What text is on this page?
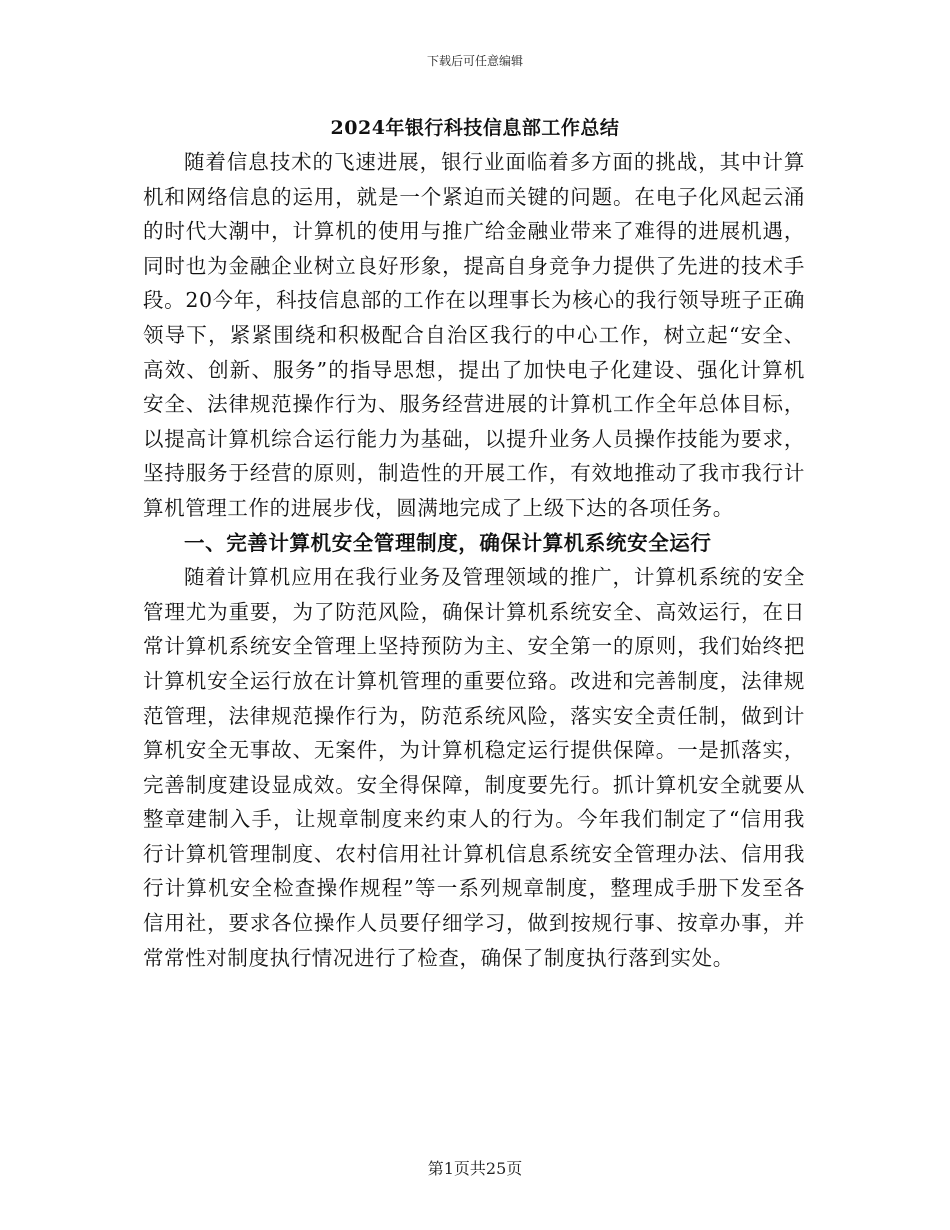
下载后可任意编辑
2024年银行科技信息部工作总结

随着信息技术的飞速进展，银行业面临着多方面的挑战，其中计算机和网络信息的运用，就是一个紧迫而关键的问题。在电子化风起云涌的时代大潮中，计算机的使用与推广给金融业带来了难得的进展机遇，同时也为金融企业树立良好形象，提高自身竞争力提供了先进的技术手段。20今年，科技信息部的工作在以理事长为核心的我行领导班子正确领导下，紧紧围绕和积极配合自治区我行的中心工作，树立起“安全、高效、创新、服务”的指导思想，提出了加快电子化建设、强化计算机安全、法律规范操作行为、服务经营进展的计算机工作全年总体目标，以提高计算机综合运行能力为基础，以提升业务人员操作技能为要求，坚持服务于经营的原则，制造性的开展工作，有效地推动了我市我行计算机管理工作的进展步伐，圆满地完成了上级下达的各项任务。

一、完善计算机安全管理制度，确保计算机系统安全运行

随着计算机应用在我行业务及管理领域的推广，计算机系统的安全管理尤为重要，为了防范风险，确保计算机系统安全、高效运行，在日常计算机系统安全管理上坚持预防为主、安全第一的原则，我们始终把计算机安全运行放在计算机管理的重要位臵。改进和完善制度，法律规范管理，法律规范操作行为，防范系统风险，落实安全责任制，做到计算机安全无事故、无案件，为计算机稳定运行提供保障。一是抓落实，完善制度建设显成效。安全得保障，制度要先行。抓计算机安全就要从整章建制入手，让规章制度来约束人的行为。今年我们制定了“信用我行计算机管理制度、农村信用社计算机信息系统安全管理办法、信用我行计算机安全检查操作规程”等一系列规章制度，整理成手册下发至各信用社，要求各位操作人员要仔细学习，做到按规行事、按章办事，并常常性对制度执行情况进行了检查，确保了制度执行落到实处。

第1页共25页
